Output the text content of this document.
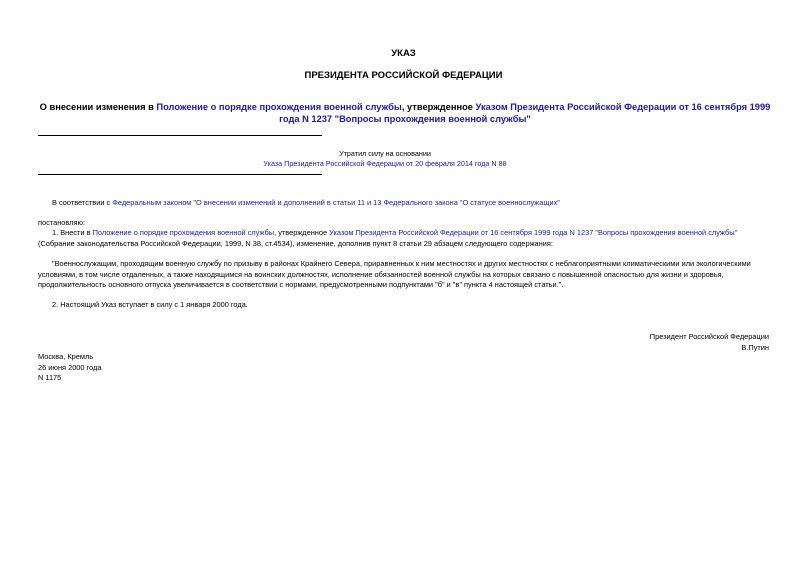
УКАЗ
ПРЕЗИДЕНТА РОССИЙСКОЙ ФЕДЕРАЦИИ
О внесении изменения в Положение о порядке прохождения военной службы, утвержденное Указом Президента Российской Федерации от 16 сентября 1999 года N 1237 "Вопросы прохождения военной службы"
Утратил силу на основании
Указа Президента Российской Федерации от 20 февраля 2014 года N 88
В соответствии с Федеральным законом "О внесении изменений и дополнений в статьи 11 и 13 Федерального закона "О статусе военнослужащих"
постановляю:
1. Внести в Положение о порядке прохождения военной службы, утвержденное Указом Президента Российской Федерации от 16 сентября 1999 года N 1237 "Вопросы прохождения военной службы" (Собрание законодательства Российской Федерации, 1999, N 38, ст.4534), изменение, дополнив пункт 8 статьи 29 абзацем следующего содержания:
"Военнослужащим, проходящим военную службу по призыву в районах Крайнего Севера, приравненных к ним местностях и других местностях с неблагоприятными климатическими или экологическими условиями, в том числе отдаленных, а также находящимся на воинских должностях, исполнение обязанностей военной службы на которых связано с повышенной опасностью для жизни и здоровья, продолжительность основного отпуска увеличивается в соответствии с нормами, предусмотренными подпунктами "б" и "в" пункта 4 настоящей статьи.".
2. Настоящий Указ вступает в силу с 1 января 2000 года.
Президент Российской Федерации
В.Путин
Москва, Кремль
26 июня 2000 года
N 1175
